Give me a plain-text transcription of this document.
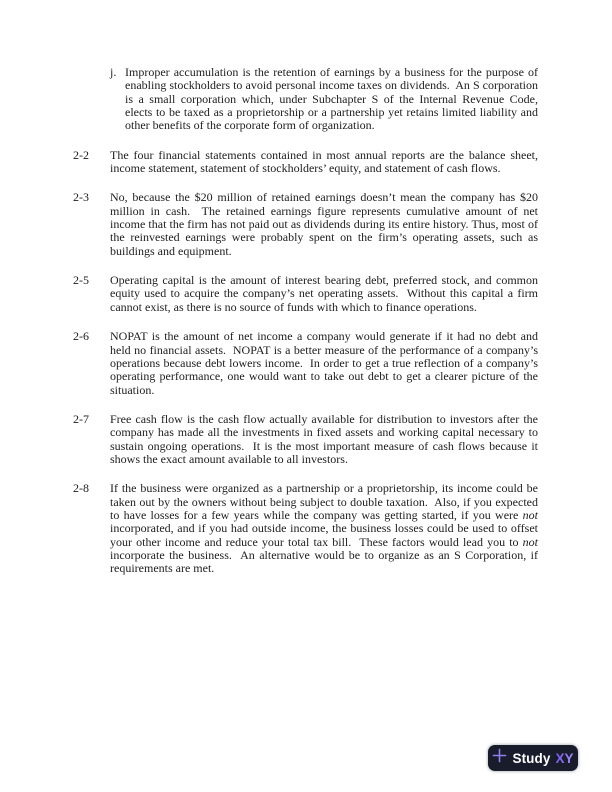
j. Improper accumulation is the retention of earnings by a business for the purpose of enabling stockholders to avoid personal income taxes on dividends.  An S corporation is a small corporation which, under Subchapter S of the Internal Revenue Code, elects to be taxed as a proprietorship or a partnership yet retains limited liability and other benefits of the corporate form of organization.
2-2	The four financial statements contained in most annual reports are the balance sheet, income statement, statement of stockholders’ equity, and statement of cash flows.
2-3	No, because the $20 million of retained earnings doesn’t mean the company has $20 million in cash.  The retained earnings figure represents cumulative amount of net income that the firm has not paid out as dividends during its entire history. Thus, most of the reinvested earnings were probably spent on the firm’s operating assets, such as buildings and equipment.
2-5	Operating capital is the amount of interest bearing debt, preferred stock, and common equity used to acquire the company’s net operating assets.  Without this capital a firm cannot exist, as there is no source of funds with which to finance operations.
2-6	NOPAT is the amount of net income a company would generate if it had no debt and held no financial assets.  NOPAT is a better measure of the performance of a company’s operations because debt lowers income.  In order to get a true reflection of a company’s operating performance, one would want to take out debt to get a clearer picture of the situation.
2-7	Free cash flow is the cash flow actually available for distribution to investors after the company has made all the investments in fixed assets and working capital necessary to sustain ongoing operations.  It is the most important measure of cash flows because it shows the exact amount available to all investors.
2-8	If the business were organized as a partnership or a proprietorship, its income could be taken out by the owners without being subject to double taxation.  Also, if you expected to have losses for a few years while the company was getting started, if you were not incorporated, and if you had outside income, the business losses could be used to offset your other income and reduce your total tax bill.  These factors would lead you to not incorporate the business.  An alternative would be to organize as an S Corporation, if requirements are met.
Study XY
